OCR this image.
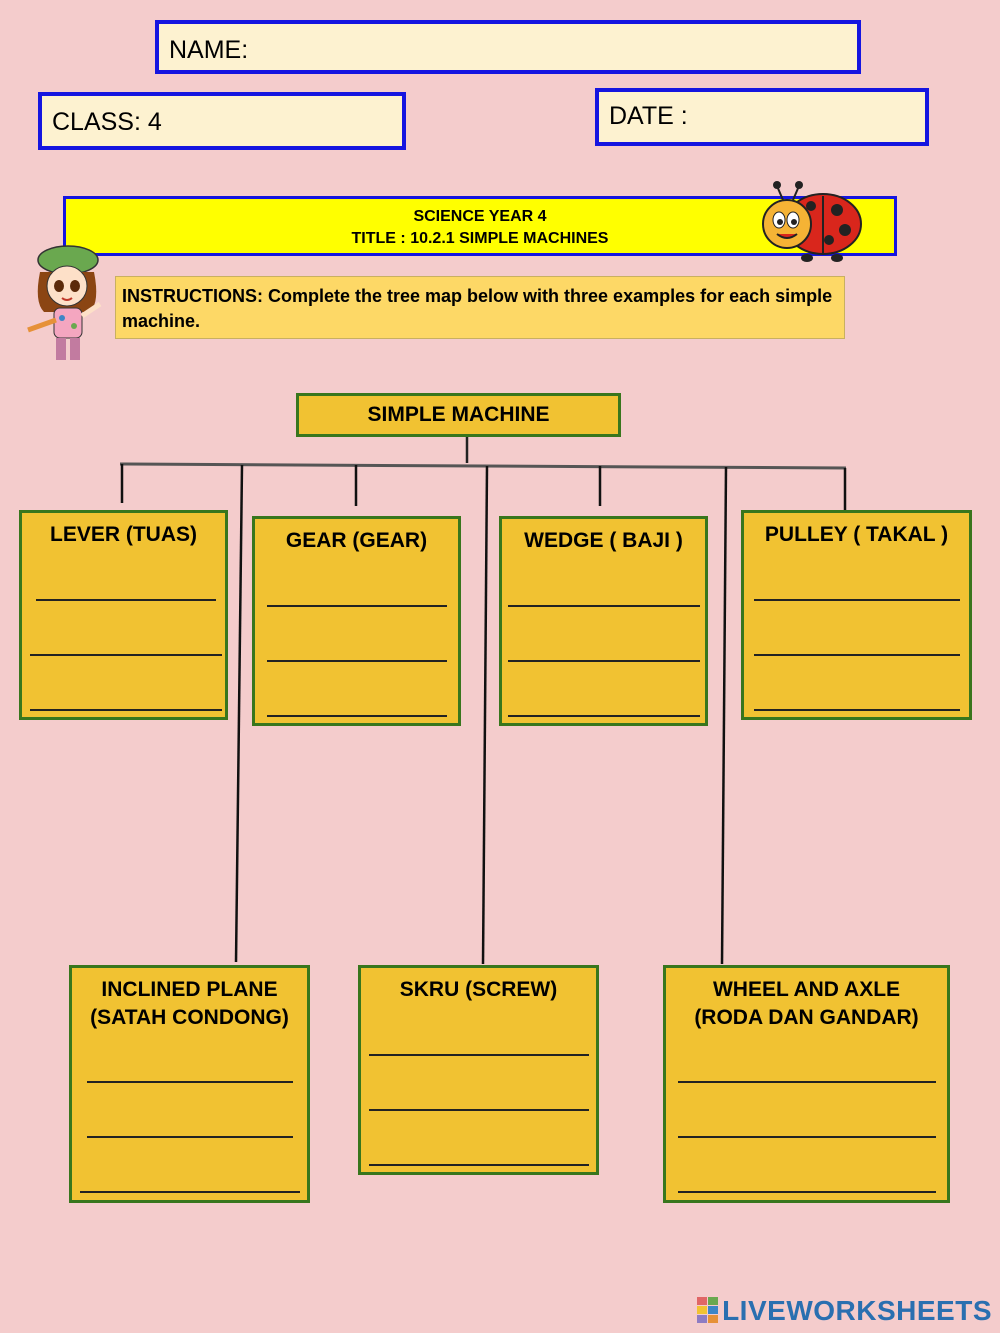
NAME:
CLASS: 4	DATE :
SCIENCE YEAR 4
TITLE : 10.2.1 SIMPLE MACHINES
INSTRUCTIONS: Complete the tree map below with three examples for each simple machine.
SIMPLE MACHINE
LEVER (TUAS)	GEAR (GEAR)	WEDGE ( BAJI )	PULLEY ( TAKAL )
INCLINED PLANE
(SATAH CONDONG)
SKRU (SCREW)	WHEEL AND AXLE
(RODA DAN GANDAR)
LIVEWORKSHEETS
